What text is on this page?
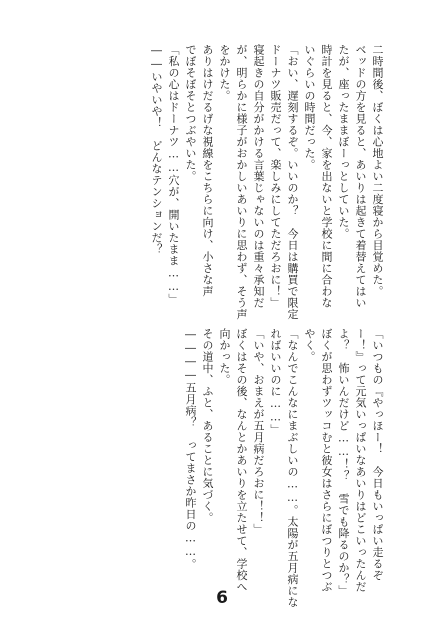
二時間後、ぼくは心地よい二度寝から目覚めた。

ベッドの方を見ると、あいりは起きて着替えてはい

たが、座ったままぼーっとしていた。

時計を見ると、今、家を出ないと学校に間に合わな

いぐらいの時間だった。

「おい、遅刻するぞ。いいのか？　今日は購買で限定

ドーナツ販売だって、楽しみにしてただろおに！」

寝起きの自分がかける言葉じゃないのは重々承知だ

が、明らかに様子がおかしいあいりに思わず、そう声

をかけた。

ありはけだるげな視線をこちらに向け、小さな声

でぼそぼそとつぶやいた。

「私の心はドーナツ……穴が、開いたまま……」

――いやいや！　どんなテンションだ？

「いつもの『やっほー！　今日もいっぱい走るぞ

ー！』って元気いっぱいなあいりはどこいったんだ

よ？　怖いんだけど……！？　雪でも降るのか？」

ぼくが思わずツッコむと彼女はさらにぼつりとつぶ

やく。

「なんでこんなにまぶしいの……。太陽が五月病にな

ればいいのに……」

「いや、おまえが五月病だろおに！！」

ぼくはその後、なんとかあいりを立たせて、学校へ

向かった。

その道中、ふと、あることに気づく。

――――五月病？　ってまさか昨日の……。

6
